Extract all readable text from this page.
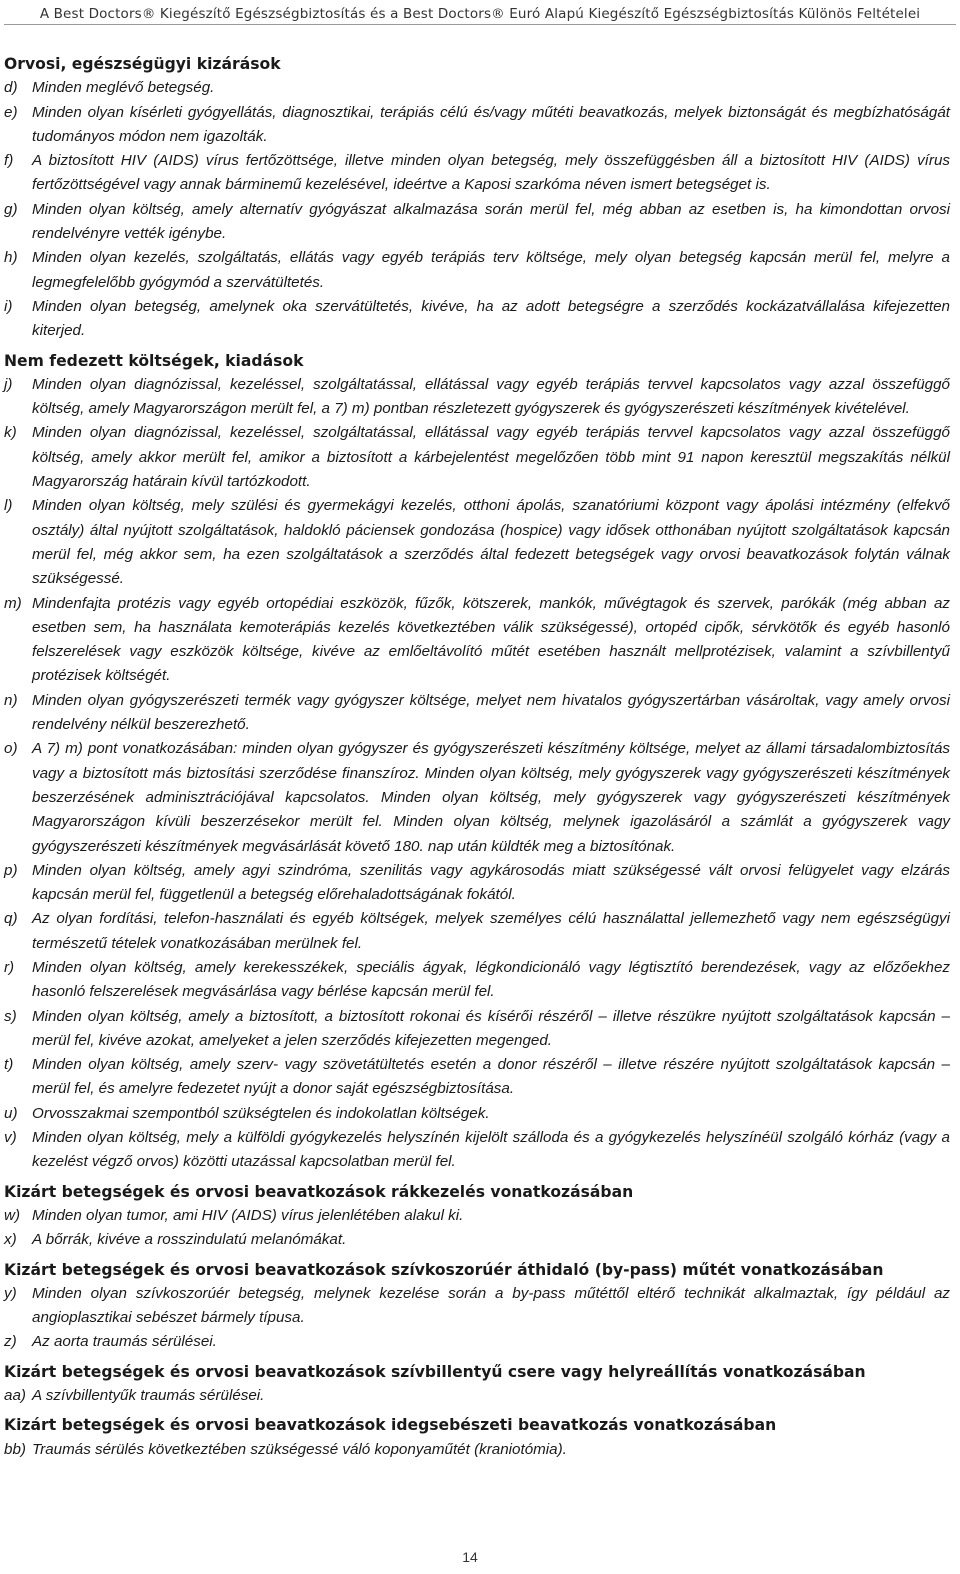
A Best Doctors® Kiegészítő Egészségbiztosítás és a Best Doctors® Euró Alapú Kiegészítő Egészségbiztosítás Különös Feltételei
Orvosi, egészségügyi kizárások
d) Minden meglévő betegség.
e) Minden olyan kísérleti gyógyellátás, diagnosztikai, terápiás célú és/vagy műtéti beavatkozás, melyek biztonságát és megbízhatóságát tudományos módon nem igazolták.
f)	A biztosított HIV (AIDS) vírus fertőzöttsége, illetve minden olyan betegség, mely összefüggésben áll a biztosított HIV (AIDS) vírus fertőzöttségével vagy annak bárminemű kezelésével, ideértve a Kaposi szarkóma néven ismert betegséget is.
g) Minden olyan költség, amely alternatív gyógyászat alkalmazása során merül fel, még abban az esetben is, ha kimondottan orvosi rendelvényre vették igénybe.
h) Minden olyan kezelés, szolgáltatás, ellátás vagy egyéb terápiás terv költsége, mely olyan betegség kapcsán merül fel, melyre a legmegfelelőbb gyógymód a szervátültetés.
i)	Minden olyan betegség, amelynek oka szervátültetés, kivéve, ha az adott betegségre a szerződés kockázatvállalása kifejezetten kiterjed.
Nem fedezett költségek, kiadások
j)	Minden olyan diagnózissal, kezeléssel, szolgáltatással, ellátással vagy egyéb terápiás tervvel kapcsolatos vagy azzal összefüggő költség, amely Magyarországon merült fel, a 7) m) pontban részletezett gyógyszerek és gyógyszerészeti készítmények kivételével.
k)	Minden olyan diagnózissal, kezeléssel, szolgáltatással, ellátással vagy egyéb terápiás tervvel kapcsolatos vagy azzal összefüggő költség, amely akkor merült fel, amikor a biztosított a kárbejelentést megelőzően több mint 91 napon keresztül megszakítás nélkül Magyarország határain kívül tartózkodott.
l)	Minden olyan költség, mely szülési és gyermekágyi kezelés, otthoni ápolás, szanatóriumi központ vagy ápolási intézmény (elfekvő osztály) által nyújtott szolgáltatások, haldokló páciensek gondozása (hospice) vagy idősek otthonában nyújtott szolgáltatások kapcsán merül fel, még akkor sem, ha ezen szolgáltatások a szerződés által fedezett betegségek vagy orvosi beavatkozások folytán válnak szükségessé.
m) Mindenfajta protézis vagy egyéb ortopédiai eszközök, fűzők, kötszerek, mankók, művégtagok és szervek, parókák (még abban az esetben sem, ha használata kemoterápiás kezelés következtében válik szükségessé), ortopéd cipők, sérvkötők és egyéb hasonló felszerelések vagy eszközök költsége, kivéve az emlőeltávolító műtét esetében használt mellprotézisek, valamint a szívbillentyű protézisek költségét.
n) Minden olyan gyógyszerészeti termék vagy gyógyszer költsége, melyet nem hivatalos gyógyszertárban vásároltak, vagy amely orvosi rendelvény nélkül beszerezhető.
o) A 7) m) pont vonatkozásában: minden olyan gyógyszer és gyógyszerészeti készítmény költsége, melyet az állami társadalombiztosítás vagy a biztosított más biztosítási szerződése finanszíroz. Minden olyan költség, mely gyógyszerek vagy gyógyszerészeti készítmények beszerzésének adminisztrációjával kapcsolatos. Minden olyan költség, mely gyógyszerek vagy gyógyszerészeti készítmények Magyarországon kívüli beszerzésekor merült fel. Minden olyan költség, melynek igazolásáról a számlát a gyógyszerek vagy gyógyszerészeti készítmények megvásárlását követő 180. nap után küldték meg a biztosítónak.
p) Minden olyan költség, amely agyi szindróma, szenilitás vagy agykárosodás miatt szükségessé vált orvosi felügyelet vagy elzárás kapcsán merül fel, függetlenül a betegség előrehaladottságának fokától.
q) Az olyan fordítási, telefon-használati és egyéb költségek, melyek személyes célú használattal jellemezhető vagy nem egészségügyi természetű tételek vonatkozásában merülnek fel.
r)	Minden olyan költség, amely kerekesszékek, speciális ágyak, légkondicionáló vagy légtisztító berendezések, vagy az előzőekhez hasonló felszerelések megvásárlása vagy bérlése kapcsán merül fel.
s)	Minden olyan költség, amely a biztosított, a biztosított rokonai és kísérői részéről – illetve részükre nyújtott szolgáltatások kapcsán – merül fel, kivéve azokat, amelyeket a jelen szerződés kifejezetten megenged.
t)	Minden olyan költség, amely szerv- vagy szövetátültetés esetén a donor részéről – illetve részére nyújtott szolgáltatások kapcsán – merül fel, és amelyre fedezetet nyújt a donor saját egészségbiztosítása.
u) Orvosszakmai szempontból szükségtelen és indokolatlan költségek.
v)	Minden olyan költség, mely a külföldi gyógykezelés helyszínén kijelölt szálloda és a gyógykezelés helyszínéül szolgáló kórház (vagy a kezelést végző orvos) közötti utazással kapcsolatban merül fel.
Kizárt betegségek és orvosi beavatkozások rákkezelés vonatkozásában
w) Minden olyan tumor, ami HIV (AIDS) vírus jelenlétében alakul ki.
x)	A bőrrák, kivéve a rosszindulatú melanómákat.
Kizárt betegségek és orvosi beavatkozások szívkoszorúér áthidaló (by-pass) műtét vonatkozásában
y)	Minden olyan szívkoszorúér betegség, melynek kezelése során a by-pass műtéttől eltérő technikát alkalmaztak, így például az angioplasztikai sebészet bármely típusa.
z)	Az aorta traumás sérülései.
Kizárt betegségek és orvosi beavatkozások szívbillentyű csere vagy helyreállítás vonatkozásában
aa) A szívbillentyűk traumás sérülései.
Kizárt betegségek és orvosi beavatkozások idegsebészeti beavatkozás vonatkozásában
bb) Traumás sérülés következtében szükségessé váló koponyaműtét (kraniotómia).
14
